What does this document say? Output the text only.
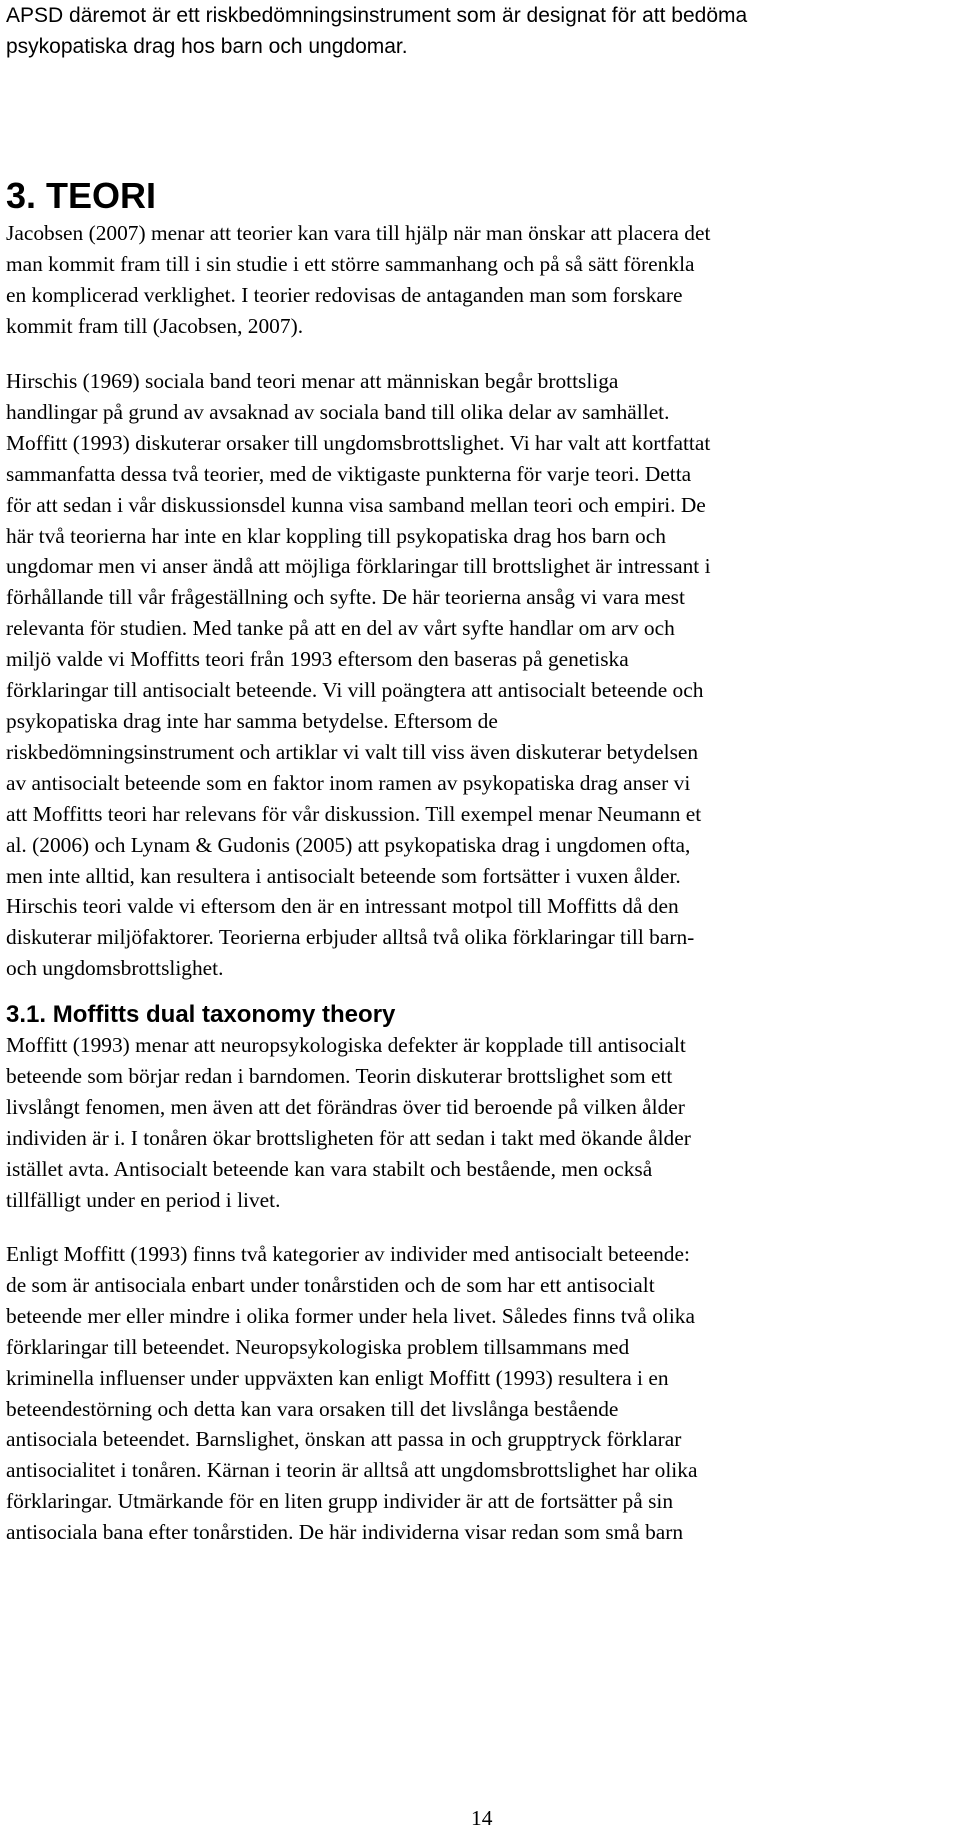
APSD däremot är ett riskbedömningsinstrument som är designat för att bedöma
psykopatiska drag hos barn och ungdomar.
3. TEORI
Jacobsen (2007) menar att teorier kan vara till hjälp när man önskar att placera det
man kommit fram till i sin studie i ett större sammanhang och på så sätt förenkla
en komplicerad verklighet. I teorier redovisas de antaganden man som forskare
kommit fram till (Jacobsen, 2007).
Hirschis (1969) sociala band teori menar att människan begår brottsliga
handlingar på grund av avsaknad av sociala band till olika delar av samhället.
Moffitt (1993) diskuterar orsaker till ungdomsbrottslighet. Vi har valt att kortfattat
sammanfatta dessa två teorier, med de viktigaste punkterna för varje teori. Detta
för att sedan i vår diskussionsdel kunna visa samband mellan teori och empiri. De
här två teorierna har inte en klar koppling till psykopatiska drag hos barn och
ungdomar men vi anser ändå att möjliga förklaringar till brottslighet är intressant i
förhållande till vår frågeställning och syfte. De här teorierna ansåg vi vara mest
relevanta för studien. Med tanke på att en del av vårt syfte handlar om arv och
miljö valde vi Moffitts teori från 1993 eftersom den baseras på genetiska
förklaringar till antisocialt beteende. Vi vill poängtera att antisocialt beteende och
psykopatiska drag inte har samma betydelse. Eftersom de
riskbedömningsinstrument och artiklar vi valt till viss även diskuterar betydelsen
av antisocialt beteende som en faktor inom ramen av psykopatiska drag anser vi
att Moffitts teori har relevans för vår diskussion. Till exempel menar Neumann et
al. (2006) och Lynam & Gudonis (2005) att psykopatiska drag i ungdomen ofta,
men inte alltid, kan resultera i antisocialt beteende som fortsätter i vuxen ålder.
Hirschis teori valde vi eftersom den är en intressant motpol till Moffitts då den
diskuterar miljöfaktorer. Teorierna erbjuder alltså två olika förklaringar till barn-
och ungdomsbrottslighet.
3.1. Moffitts dual taxonomy theory
Moffitt (1993) menar att neuropsykologiska defekter är kopplade till antisocialt
beteende som börjar redan i barndomen. Teorin diskuterar brottslighet som ett
livslångt fenomen, men även att det förändras över tid beroende på vilken ålder
individen är i. I tonåren ökar brottsligheten för att sedan i takt med ökande ålder
istället avta. Antisocialt beteende kan vara stabilt och bestående, men också
tillfälligt under en period i livet.
Enligt Moffitt (1993) finns två kategorier av individer med antisocialt beteende:
de som är antisociala enbart under tonårstiden och de som har ett antisocialt
beteende mer eller mindre i olika former under hela livet. Således finns två olika
förklaringar till beteendet. Neuropsykologiska problem tillsammans med
kriminella influenser under uppväxten kan enligt Moffitt (1993) resultera i en
beteendestörning och detta kan vara orsaken till det livslånga bestående
antisociala beteendet. Barnslighet, önskan att passa in och grupptryck förklarar
antisocialitet i tonåren. Kärnan i teorin är alltså att ungdomsbrottslighet har olika
förklaringar. Utmärkande för en liten grupp individer är att de fortsätter på sin
antisociala bana efter tonårstiden. De här individerna visar redan som små barn
14
